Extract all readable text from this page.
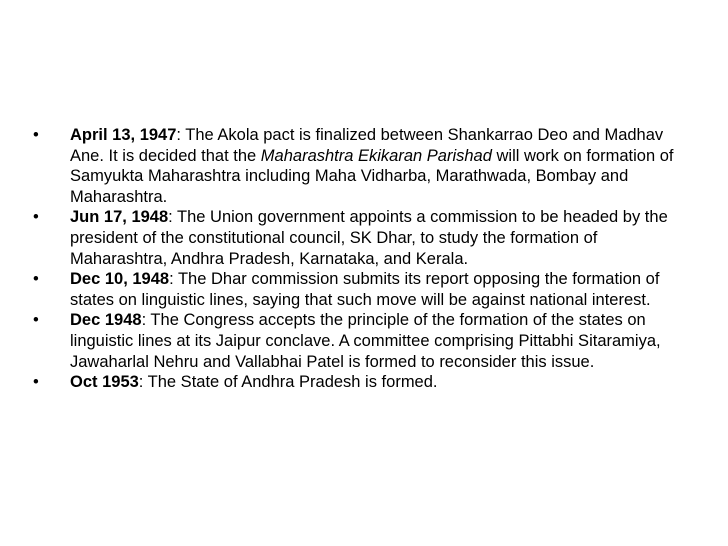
• April 13, 1947: The Akola pact is finalized between Shankarrao Deo and Madhav Ane. It is decided that the Maharashtra Ekikaran Parishad will work on formation of Samyukta Maharashtra including Maha Vidharba, Marathwada, Bombay and Maharashtra.
• Jun 17, 1948: The Union government appoints a commission to be headed by the president of the constitutional council, SK Dhar, to study the formation of Maharashtra, Andhra Pradesh, Karnataka, and Kerala.
• Dec 10, 1948: The Dhar commission submits its report opposing the formation of states on linguistic lines, saying that such move will be against national interest.
• Dec 1948: The Congress accepts the principle of the formation of the states on linguistic lines at its Jaipur conclave. A committee comprising Pittabhi Sitaramiya, Jawaharlal Nehru and Vallabhai Patel is formed to reconsider this issue.
• Oct 1953: The State of Andhra Pradesh is formed.
